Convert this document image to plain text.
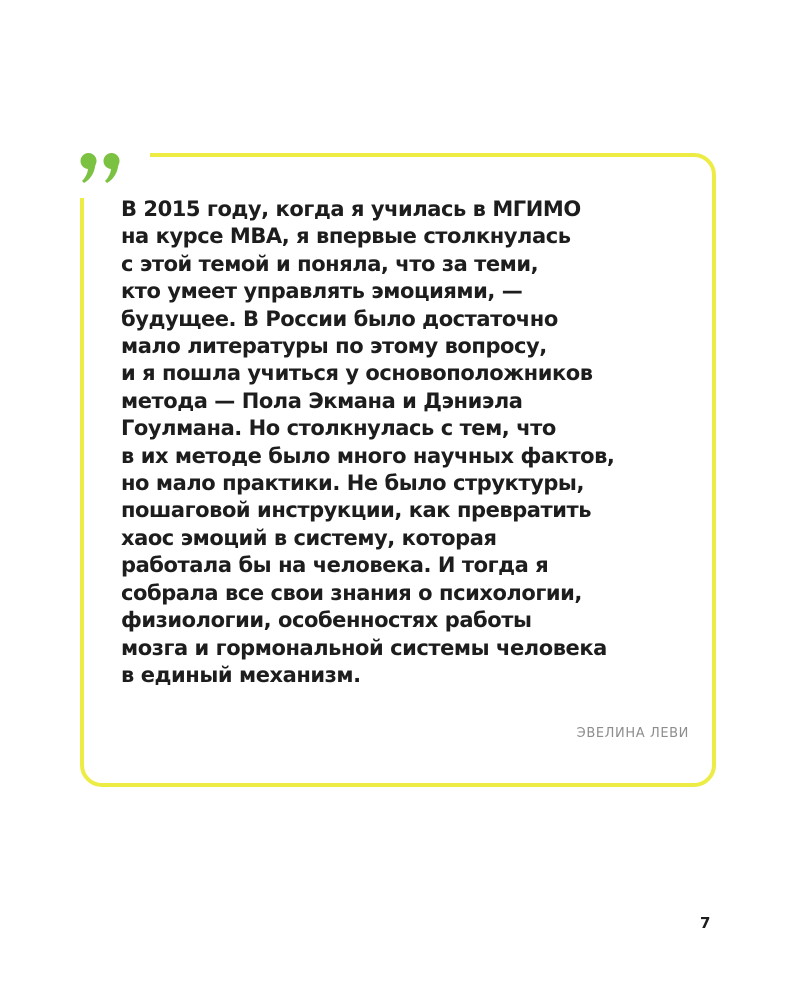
В 2015 году, когда я училась в МГИМО
на курсе МВА, я впервые столкнулась
с этой темой и поняла, что за теми,
кто умеет управлять эмоциями, —
будущее. В России было достаточно
мало литературы по этому вопросу,
и я пошла учиться у основоположников
метода — Пола Экмана и Дэниэла
Гоулмана. Но столкнулась с тем, что
в их методе было много научных фактов,
но мало практики. Не было структуры,
пошаговой инструкции, как превратить
хаос эмоций в систему, которая
работала бы на человека. И тогда я
собрала все свои знания о психологии,
физиологии, особенностях работы
мозга и гормональной системы человека
в единый механизм.

ЭВЕЛИНА ЛЕВИ

7
